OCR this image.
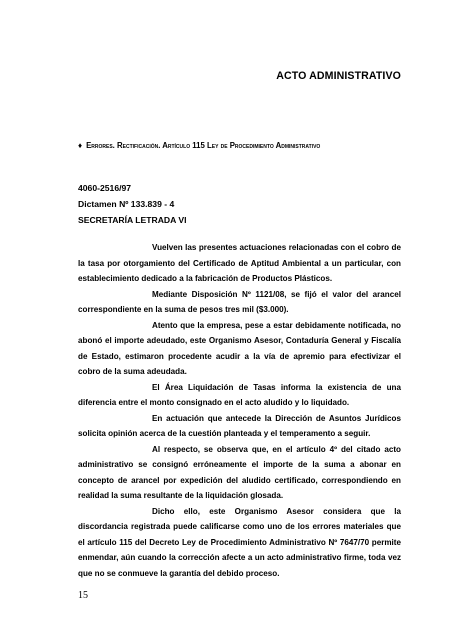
ACTO ADMINISTRATIVO
♦ Errores. Rectificación. Artículo 115 Ley de Procedimiento Administrativo
4060-2516/97
Dictamen Nº 133.839 - 4
SECRETARÍA LETRADA VI

Vuelven las presentes actuaciones relacionadas con el cobro de la tasa por otorgamiento del Certificado de Aptitud Ambiental a un particular, con establecimiento dedicado a la fabricación de Productos Plásticos.

Mediante Disposición Nº 1121/08, se fijó el valor del arancel correspondiente en la suma de pesos tres mil ($3.000).

Atento que la empresa, pese a estar debidamente notificada, no abonó el importe adeudado, este Organismo Asesor, Contaduría General y Fiscalía de Estado, estimaron procedente acudir a la vía de apremio para efectivizar el cobro de la suma adeudada.

El Área Liquidación de Tasas informa la existencia de una diferencia entre el monto consignado en el acto aludido y lo liquidado.

En actuación que antecede la Dirección de Asuntos Jurídicos solicita opinión acerca de la cuestión planteada y el temperamento a seguir.

Al respecto, se observa que, en el artículo 4º del citado acto administrativo se consignó erróneamente el importe de la suma a abonar en concepto de arancel por expedición del aludido certificado, correspondiendo en realidad la suma resultante de la liquidación glosada.

Dicho ello, este Organismo Asesor considera que la discordancia registrada puede calificarse como uno de los errores materiales que el artículo 115 del Decreto Ley de Procedimiento Administrativo Nº 7647/70 permite enmendar, aún cuando la corrección afecte a un acto administrativo firme, toda vez que no se conmueve la garantía del debido proceso.

15
